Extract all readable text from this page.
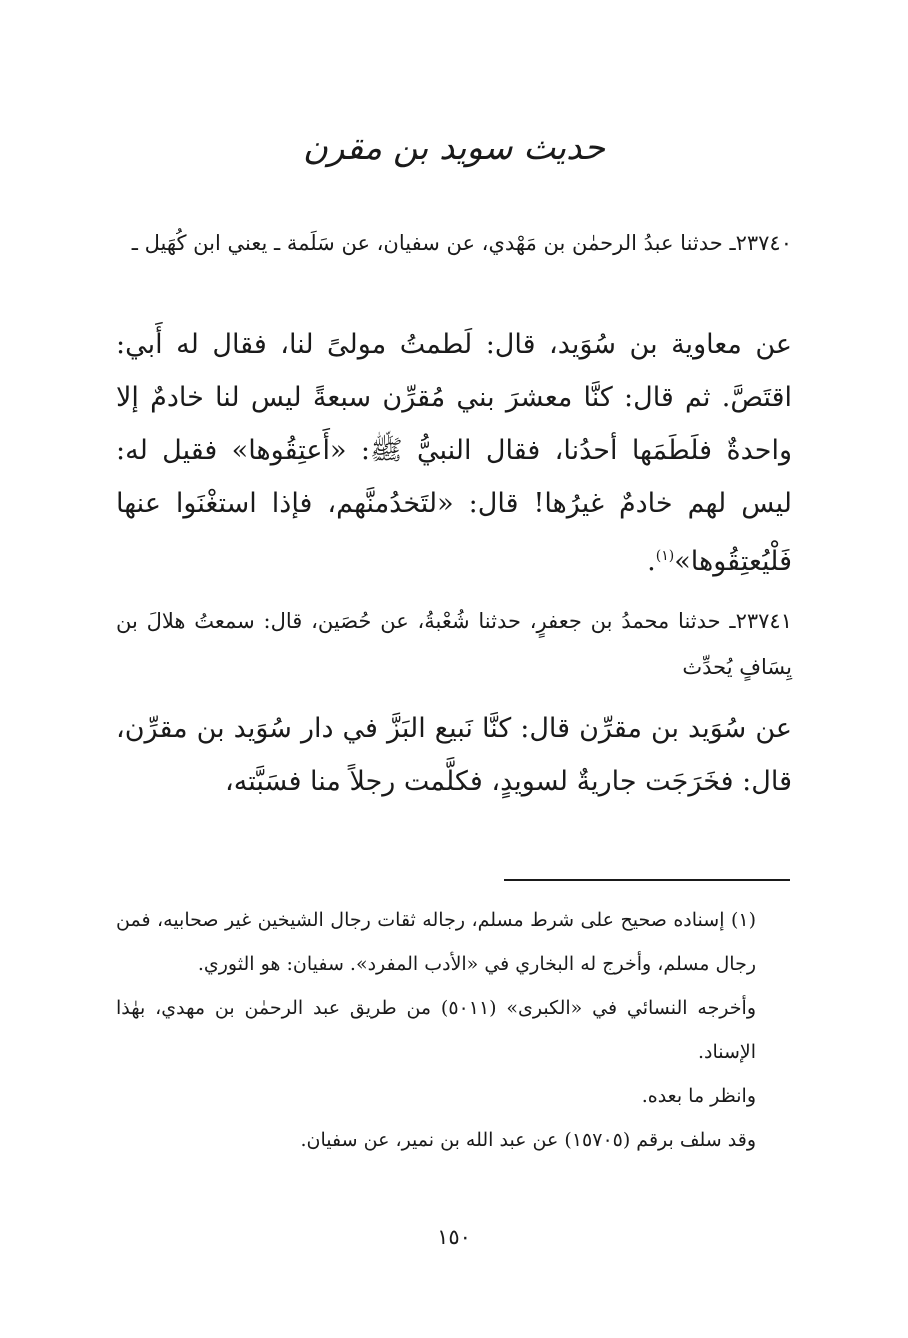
حديث سويد بن مقرن
٢٣٧٤٠ـ حدثنا عبدُ الرحمٰن بن مَهْدي، عن سفيان، عن سَلَمة ـ يعني ابن كُهَيل ـ
عن معاوية بن سُوَيد، قال: لَطمتُ مولىً لنا، فقال له أَبي: اقتَصَّ. ثم قال: كنَّا معشرَ بني مُقرِّن سبعةً ليس لنا خادمٌ إلا واحدةٌ فلَطَمَها أحدُنا، فقال النبيُّ ﷺ: «أَعتِقُوها» فقيل له: ليس لهم خادمٌ غيرُها! قال: «لتَخدُمنَّهم، فإذا استغْنَوا عنها فَلْيُعتِقُوها»$^{(١)}$.
٢٣٧٤١ـ حدثنا محمدُ بن جعفرٍ، حدثنا شُعْبةُ، عن حُصَين، قال: سمعتُ هلالَ بن يِسَافٍ يُحدِّث
عن سُوَيد بن مقرِّن قال: كنَّا نَبيع البَزَّ في دار سُوَيد بن مقرِّن، قال: فخَرَجَت جاريةٌ لسويدٍ، فكلَّمت رجلاً منا فسَبَّته،

(١) إسناده صحيح على شرط مسلم، رجاله ثقات رجال الشيخين غير صحابيه، فمن رجال مسلم، وأخرج له البخاري في «الأدب المفرد». سفيان: هو الثوري.

وأخرجه النسائي في «الكبرى» (٥٠١١) من طريق عبد الرحمٰن بن مهدي، بهٰذا الإسناد.

وانظر ما بعده.

وقد سلف برقم (١٥٧٠٥) عن عبد الله بن نمير، عن سفيان.

١٥٠
